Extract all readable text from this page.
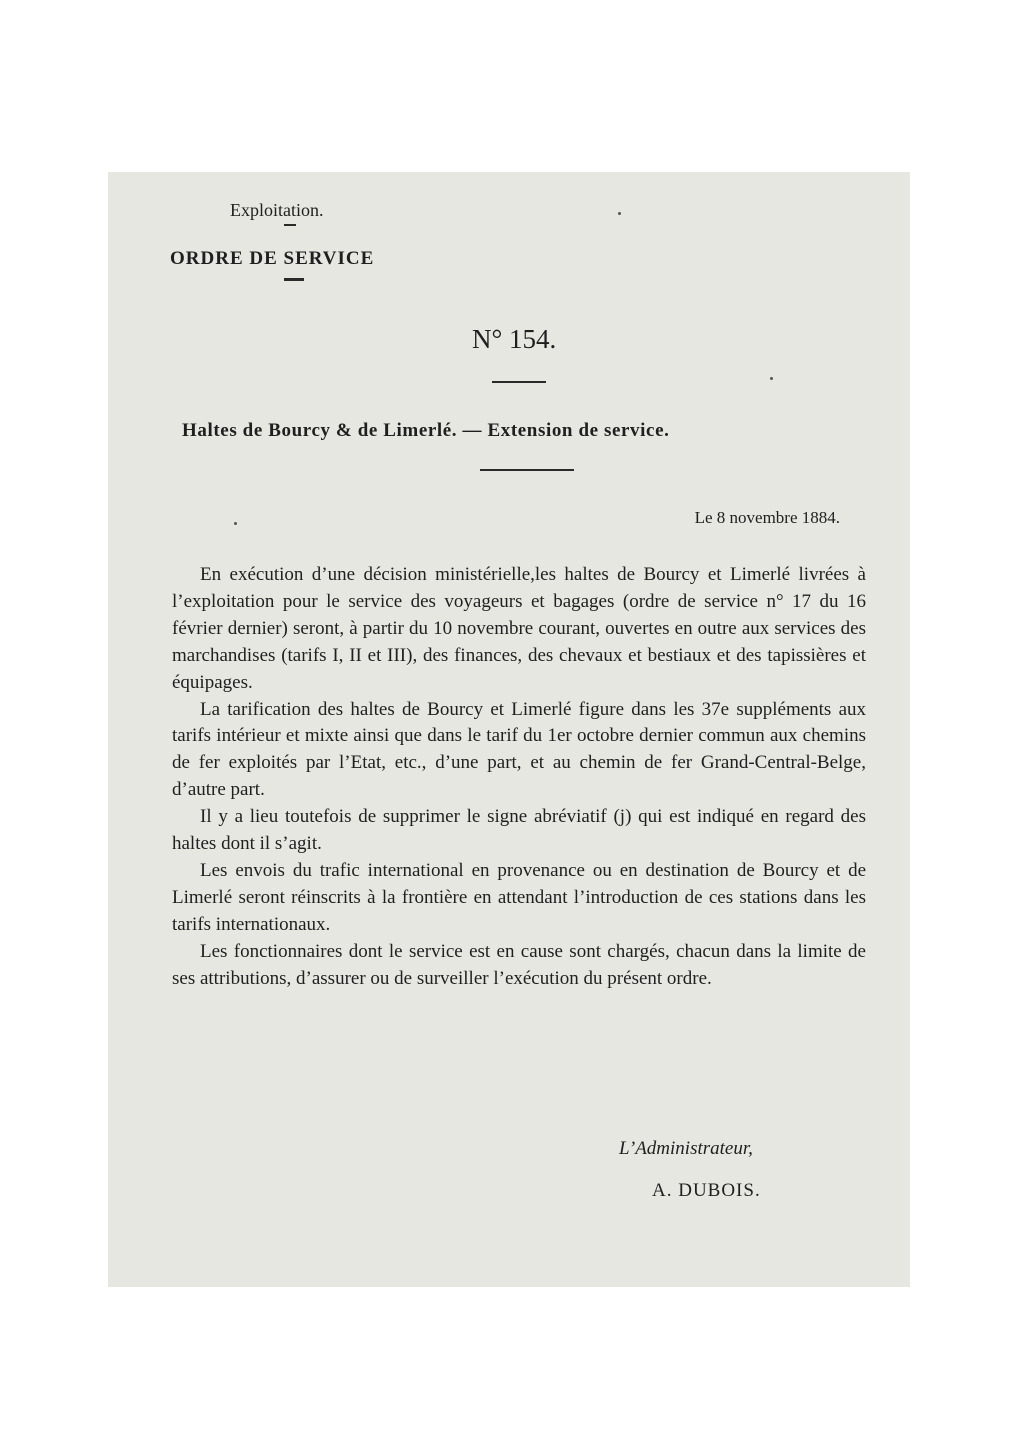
Exploitation.
ORDRE DE SERVICE
N° 154.
Haltes de Bourcy & de Limerlé. — Extension de service.
Le 8 novembre 1884.

En exécution d’une décision ministérielle,les haltes de Bourcy et Limerlé livrées à l’exploitation pour le service des voyageurs et bagages (ordre de service n° 17 du 16 février dernier) seront, à partir du 10 novembre courant, ouvertes en outre aux services des marchandises (tarifs I, II et III), des finances, des chevaux et bestiaux et des tapissières et équipages.

La tarification des haltes de Bourcy et Limerlé figure dans les 37e suppléments aux tarifs intérieur et mixte ainsi que dans le tarif du 1er octobre dernier commun aux chemins de fer exploités par l’Etat, etc., d’une part, et au chemin de fer Grand-Central-Belge, d’autre part.

Il y a lieu toutefois de supprimer le signe abréviatif (j) qui est indiqué en regard des haltes dont il s’agit.

Les envois du trafic international en provenance ou en destination de Bourcy et de Limerlé seront réinscrits à la frontière en attendant l’introduction de ces stations dans les tarifs internationaux.

Les fonctionnaires dont le service est en cause sont chargés, chacun dans la limite de ses attributions, d’assurer ou de surveiller l’exécution du présent ordre.

L’Administrateur,
A. DUBOIS.
